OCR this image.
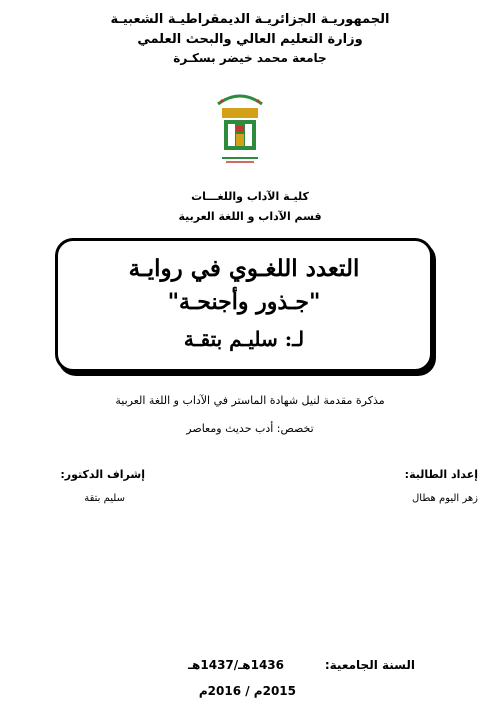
الجمهوريـة الجزائريـة الديمقراطيـة الشعبيـة
وزارة التعليم العالي والبحث العلمي
جامعة محمد خيضر بسكـرة
كليـة الآداب واللغـــات
قسم الآداب و اللغة العربية
التعدد اللغـوي في روايـة
"جـذور وأجنحـة"
لـ: سليـم بتقـة
مذكرة مقدمة لنيل شهادة الماستر في الآداب و اللغة العربية
تخصص: أدب حديث ومعاصر
إعداد الطالبة:
إشراف الدكتور:
زهر اليوم هطال
سليم بتقة
السنة الجامعية:
1436هـ/1437هـ
2015م / 2016م
